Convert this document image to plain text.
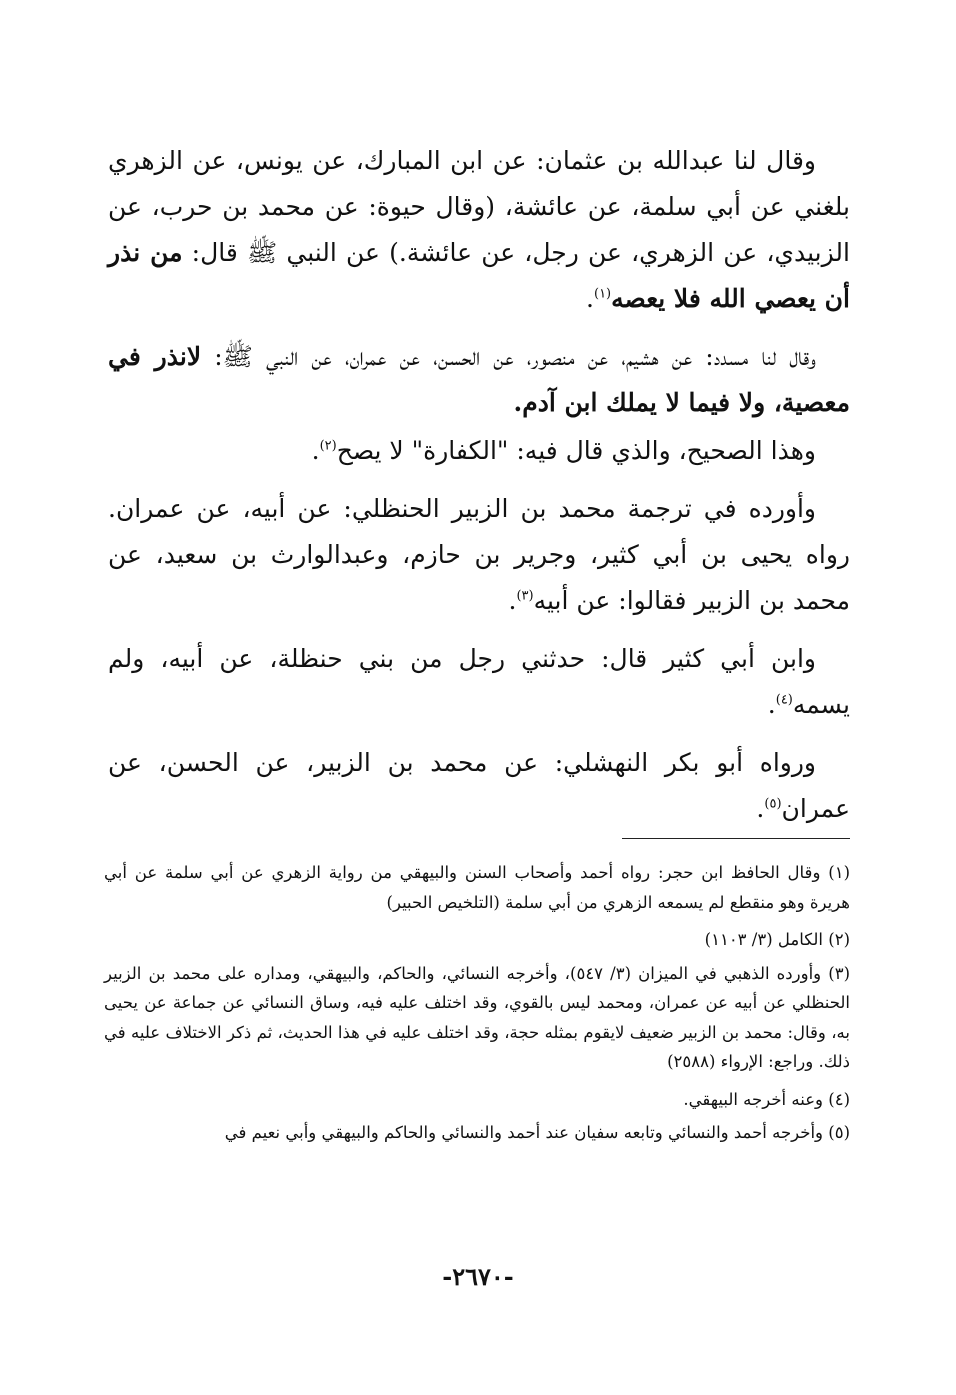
وقال لنا عبدالله بن عثمان: عن ابن المبارك، عن يونس، عن الزهري بلغني عن أبي سلمة، عن عائشة، (وقال حيوة: عن محمد بن حرب، عن الزبيدي، عن الزهري، عن رجل، عن عائشة.) عن النبي ﷺ قال: من نذر أن يعصي الله فلا يعصه$^{(١)}$.

وقال لنا مسدد: عن هشيم، عن منصور، عن الحسن، عن عمران، عن النبي ﷺ: لانذر في معصية، ولا فيما لا يملك ابن آدم.

وهذا الصحيح، والذي قال فيه: "الكفارة" لا يصح$^{(٢)}$.

وأورده في ترجمة محمد بن الزبير الحنظلي: عن أبيه، عن عمران. رواه يحيى بن أبي كثير، وجرير بن حازم، وعبدالوارث بن سعيد، عن محمد بن الزبير فقالوا: عن أبيه$^{(٣)}$.

وابن أبي كثير قال: حدثني رجل من بني حنظلة، عن أبيه، ولم يسمه$^{(٤)}$.

ورواه أبو بكر النهشلي: عن محمد بن الزبير، عن الحسن، عن عمران$^{(٥)}$.

(١) وقال الحافظ ابن حجر: رواه أحمد وأصحاب السنن والبيهقي من رواية الزهري عن أبي سلمة عن أبي هريرة وهو منقطع لم يسمعه الزهري من أبي سلمة (التلخيص الحبير)

(٢) الكامل (٣/ ١١٠٣)

(٣) وأورده الذهبي في الميزان (٣/ ٥٤٧)، وأخرجه النسائي، والحاكم، والبيهقي، ومداره على محمد بن الزبير الحنظلي عن أبيه عن عمران، ومحمد ليس بالقوي، وقد اختلف عليه فيه، وساق النسائي عن جماعة عن يحيى به، وقال: محمد بن الزبير ضعيف لايقوم بمثله حجة، وقد اختلف عليه في هذا الحديث، ثم ذكر الاختلاف عليه في ذلك. وراجع: الإرواء (٢٥٨٨)

(٤) وعنه أخرجه البيهقي.

(٥) وأخرجه أحمد والنسائي وتابعه سفيان عند أحمد والنسائي والحاكم والبيهقي وأبي نعيم في

-٢٦٧٠-
